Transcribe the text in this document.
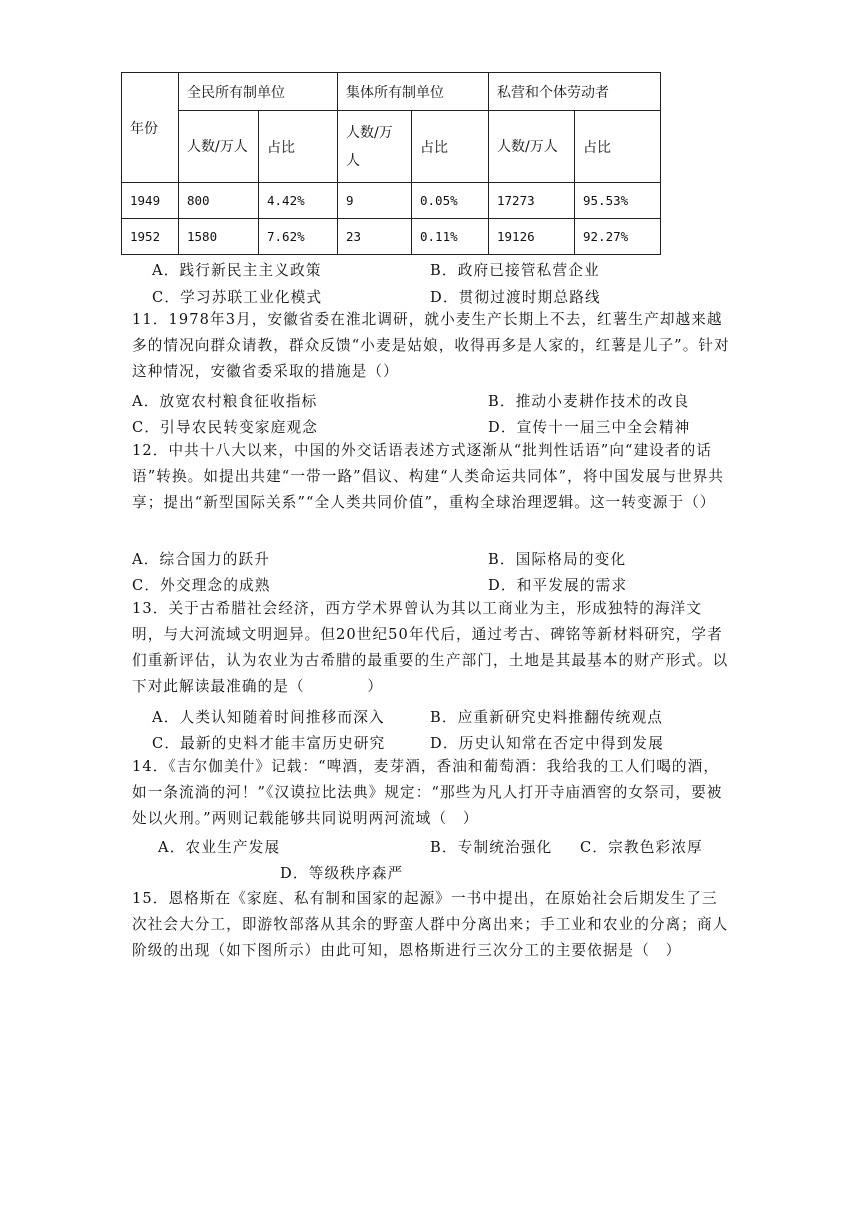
年份	全民所有制单位		集体所有制单位		私营和个体劳动者	
	人数/万人	占比	人数/万人	占比	人数/万人	占比
1949	800	4.42%	9	0.05%	17273	95.53%
1952	1580	7.62%	23	0.11%	19126	92.27%
A．践行新民主主义政策	B．政府已接管私营企业
C．学习苏联工业化模式	D．贯彻过渡时期总路线
11．1978年3月，安徽省委在淮北调研，就小麦生产长期上不去，红薯生产却越来越多的情况向群众请教，群众反馈“小麦是姑娘，收得再多是人家的，红薯是儿子”。针对这种情况，安徽省委采取的措施是（）
A．放宽农村粮食征收指标	B．推动小麦耕作技术的改良
C．引导农民转变家庭观念	D．宣传十一届三中全会精神
12．中共十八大以来，中国的外交话语表述方式逐渐从“批判性话语”向“建设者的话语”转换。如提出共建“一带一路”倡议、构建“人类命运共同体”，将中国发展与世界共享；提出“新型国际关系”“全人类共同价值”，重构全球治理逻辑。这一转变源于（）
A．综合国力的跃升	B．国际格局的变化
C．外交理念的成熟	D．和平发展的需求
13．关于古希腊社会经济，西方学术界曾认为其以工商业为主，形成独特的海洋文明，与大河流域文明迥异。但20世纪50年代后，通过考古、碑铭等新材料研究，学者们重新评估，认为农业为古希腊的最重要的生产部门，土地是其最基本的财产形式。以下对此解读最准确的是（　　　　）
A．人类认知随着时间推移而深入	B．应重新研究史料推翻传统观点
C．最新的史料才能丰富历史研究	D．历史认知常在否定中得到发展
14．《吉尔伽美什》记载：“啤酒，麦芽酒，香油和葡萄酒：我给我的工人们喝的酒，如一条流淌的河！”《汉谟拉比法典》规定：“那些为凡人打开寺庙酒窖的女祭司，要被处以火刑。”两则记载能够共同说明两河流域（　）
A．农业生产发展	B．专制统治强化 C．宗教色彩浓厚
D．等级秩序森严
15．恩格斯在《家庭、私有制和国家的起源》一书中提出，在原始社会后期发生了三次社会大分工，即游牧部落从其余的野蛮人群中分离出来；手工业和农业的分离；商人阶级的出现（如下图所示）由此可知，恩格斯进行三次分工的主要依据是（　）
